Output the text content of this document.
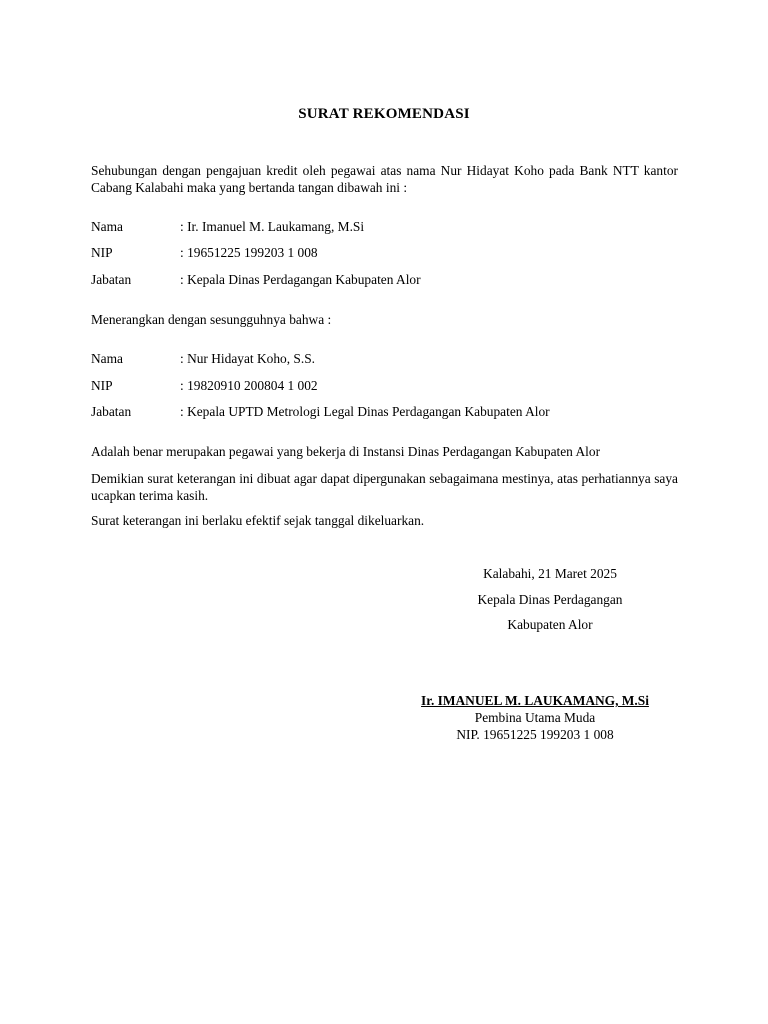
SURAT REKOMENDASI
Sehubungan dengan pengajuan kredit oleh pegawai atas nama Nur Hidayat Koho pada Bank NTT kantor Cabang Kalabahi maka yang bertanda tangan dibawah ini :
Nama	: Ir. Imanuel M. Laukamang, M.Si
NIP	: 19651225 199203 1 008
Jabatan	: Kepala Dinas Perdagangan Kabupaten Alor
Menerangkan dengan sesungguhnya bahwa :
Nama	: Nur Hidayat Koho, S.S.
NIP	: 19820910 200804 1 002
Jabatan	: Kepala UPTD Metrologi Legal Dinas Perdagangan Kabupaten Alor
Adalah benar merupakan pegawai yang bekerja di Instansi Dinas Perdagangan Kabupaten Alor
Demikian surat keterangan ini dibuat agar dapat dipergunakan sebagaimana mestinya, atas perhatiannya saya ucapkan terima kasih.
Surat keterangan ini berlaku efektif sejak tanggal dikeluarkan.
Kalabahi, 21 Maret 2025
Kepala Dinas Perdagangan
Kabupaten Alor
Ir. IMANUEL M. LAUKAMANG, M.Si
Pembina Utama Muda
NIP. 19651225 199203 1 008
